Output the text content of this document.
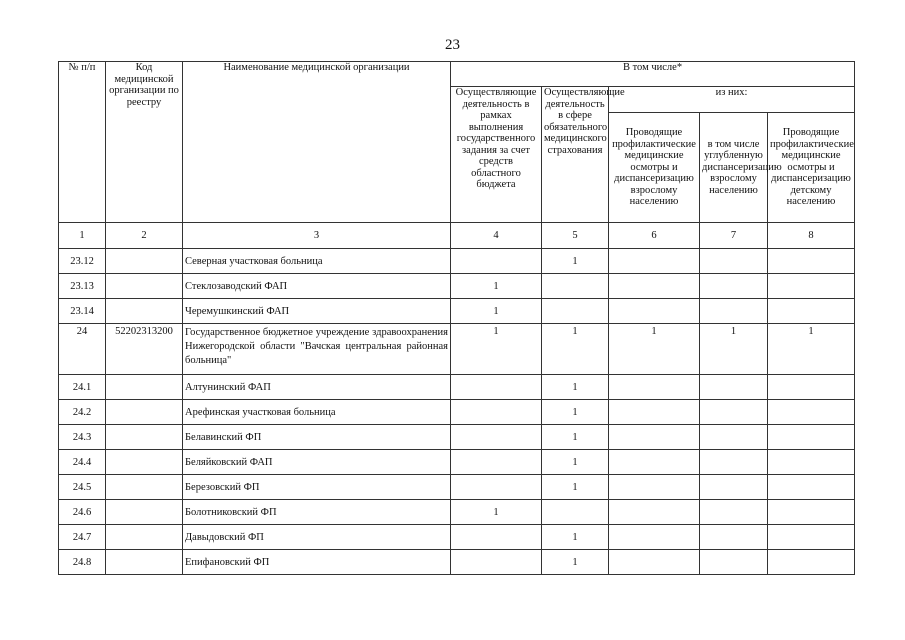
23
№ п/п	Код медицинской организации по реестру	Наименование медицинской организации	В том числе*				
			Осуществляющие деятельность в рамках выполнения государственного задания за счет средств областного бюджета	Осуществляющие деятельность в сфере обязательного медицинского страхования	из них:		
					Проводящие профилактические медицинские осмотры и диспансеризацию взрослому населению	в том числе углубленную диспансеризацию взрослому населению	Проводящие профилактические медицинские осмотры и диспансеризацию детскому населению
1	2	3	4	5	6	7	8
23.12		Северная участковая больница		1			
23.13		Стеклозаводский ФАП	1				
23.14		Черемушкинский ФАП	1				
24	52202313200	Государственное бюджетное учреждение здравоохранения Нижегородской области "Вачская центральная районная больница"	1	1	1	1	1
24.1		Алтунинский ФАП		1			
24.2		Арефинская участковая больница		1			
24.3		Белавинский ФП		1			
24.4		Беляйковский ФАП		1			
24.5		Березовский ФП		1			
24.6		Болотниковский ФП	1				
24.7		Давыдовский ФП		1			
24.8		Епифановский ФП		1			
